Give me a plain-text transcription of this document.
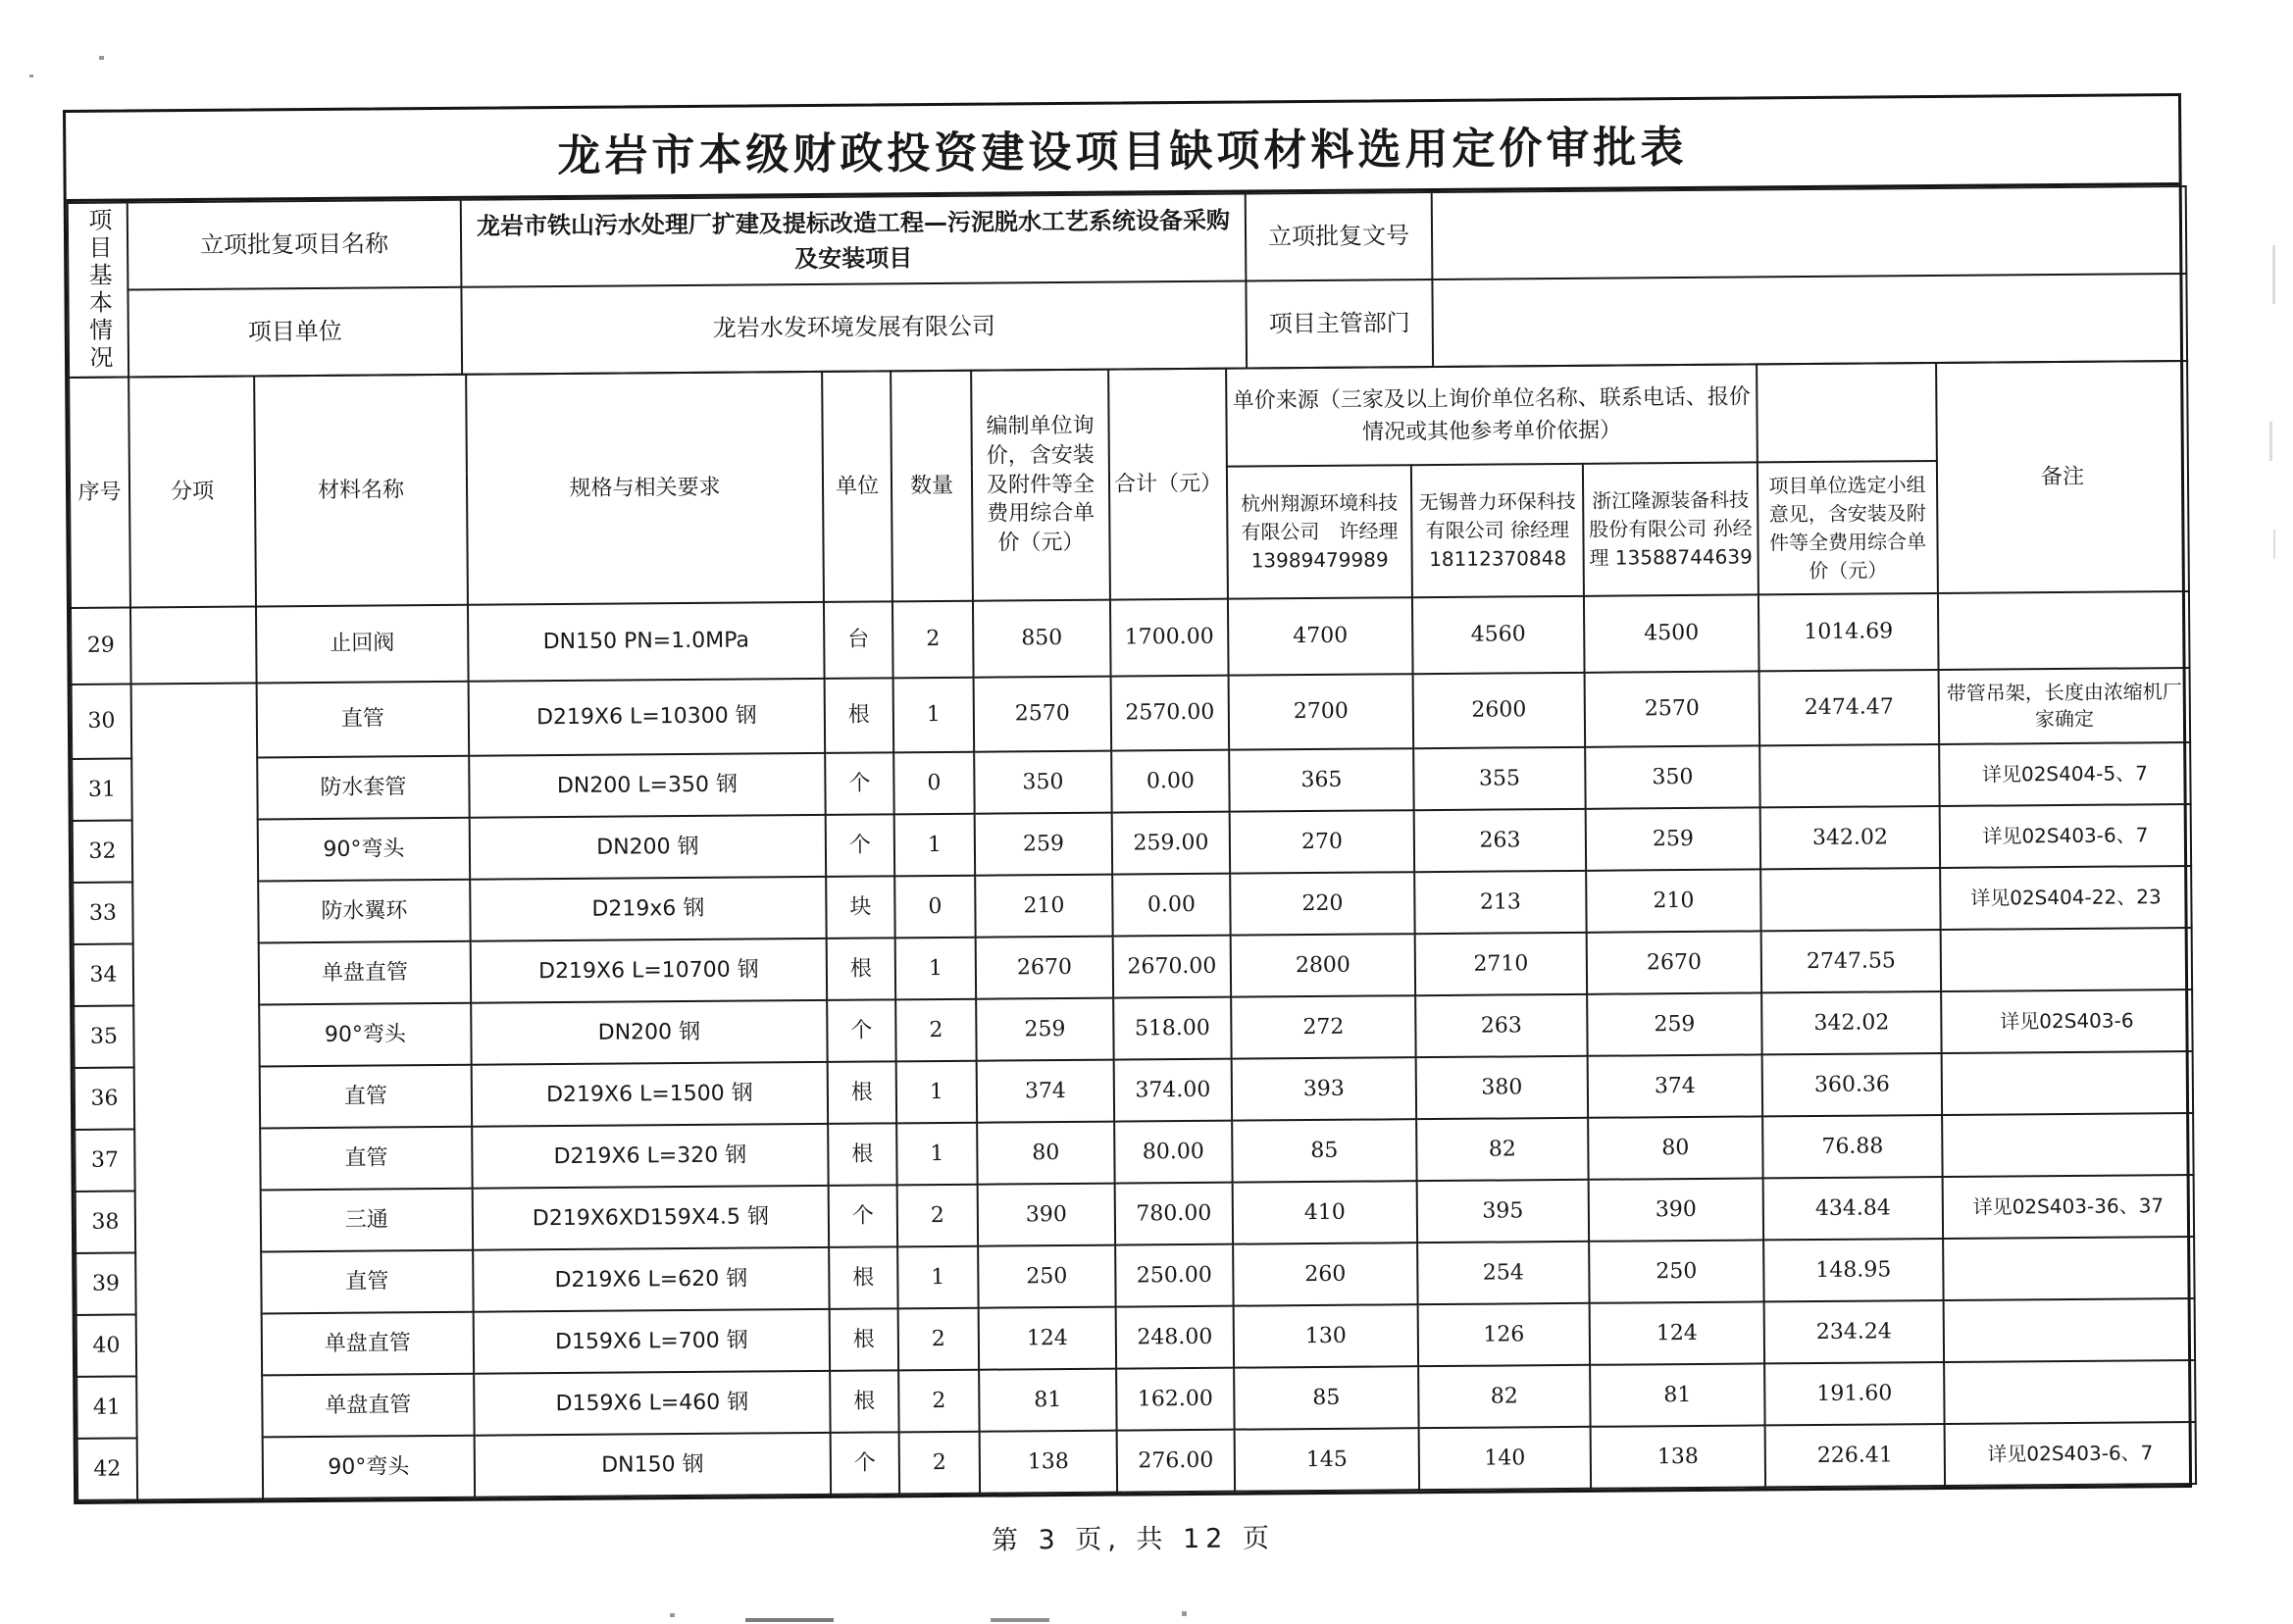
龙岩市本级财政投资建设项目缺项材料选用定价审批表
项目基本情况	立项批复项目名称	龙岩市铁山污水处理厂扩建及提标改造工程—污泥脱水工艺系统设备采购及安装项目	立项批复文号	
	项目单位	龙岩水发环境发展有限公司	项目主管部门	
序号	分项	材料名称	规格与相关要求	单位	数量	编制单位询价，含安装及附件等全费用综合单价（元）	合计（元）	单价来源（三家及以上询价单位名称、联系电话、报价情况或其他参考单价依据）				备注
								杭州翔源环境科技有限公司　许经理 13989479989	无锡普力环保科技有限公司 徐经理 18112370848	浙江隆源装备科技股份有限公司 孙经理 13588744639	项目单位选定小组意见，含安装及附件等全费用综合单价（元）	
29		止回阀	DN150 PN=1.0MPa	台	2	850	1700.00	4700	4560	4500	1014.69	
30		直管	D219X6 L=10300 钢	根	1	2570	2570.00	2700	2600	2570	2474.47	带管吊架，长度由浓缩机厂家确定
31		防水套管	DN200 L=350 钢	个	0	350	0.00	365	355	350		详见02S404-5、7
32		90°弯头	DN200 钢	个	1	259	259.00	270	263	259	342.02	详见02S403-6、7
33		防水翼环	D219x6 钢	块	0	210	0.00	220	213	210		详见02S404-22、23
34		单盘直管	D219X6 L=10700 钢	根	1	2670	2670.00	2800	2710	2670	2747.55	
35		90°弯头	DN200 钢	个	2	259	518.00	272	263	259	342.02	详见02S403-6
36		直管	D219X6 L=1500 钢	根	1	374	374.00	393	380	374	360.36	
37		直管	D219X6 L=320 钢	根	1	80	80.00	85	82	80	76.88	
38		三通	D219X6XD159X4.5 钢	个	2	390	780.00	410	395	390	434.84	详见02S403-36、37
39		直管	D219X6 L=620 钢	根	1	250	250.00	260	254	250	148.95	
40		单盘直管	D159X6 L=700 钢	根	2	124	248.00	130	126	124	234.24	
41		单盘直管	D159X6 L=460 钢	根	2	81	162.00	85	82	81	191.60	
42		90°弯头	DN150 钢	个	2	138	276.00	145	140	138	226.41	详见02S403-6、7
第 3 页, 共 12 页
